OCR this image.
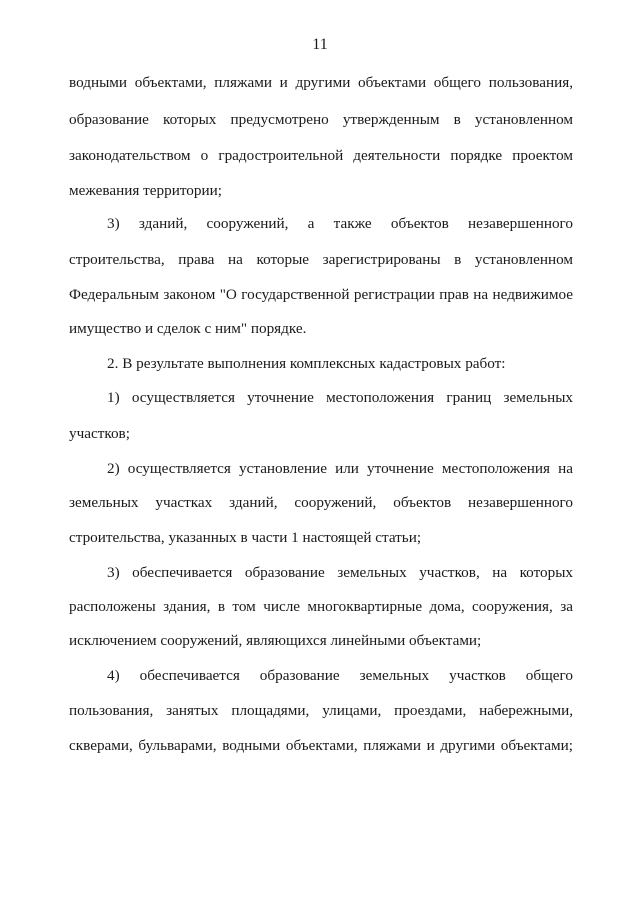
11
водными объектами, пляжами и другими объектами общего пользования,
образование которых предусмотрено утвержденным в установленном
законодательством о градостроительной деятельности порядке проектом
межевания территории;
3) зданий, сооружений, а также объектов незавершенного
строительства, права на которые зарегистрированы в установленном
Федеральным законом "О государственной регистрации прав на недвижимое
имущество и сделок с ним" порядке.
2. В результате выполнения комплексных кадастровых работ:
1) осуществляется уточнение местоположения границ земельных
участков;
2) осуществляется установление или уточнение местоположения на
земельных участках зданий, сооружений, объектов незавершенного
строительства, указанных в части 1 настоящей статьи;
3) обеспечивается образование земельных участков, на которых
расположены здания, в том числе многоквартирные дома, сооружения, за
исключением сооружений, являющихся линейными объектами;
4) обеспечивается образование земельных участков общего
пользования, занятых площадями, улицами, проездами, набережными,
скверами, бульварами, водными объектами, пляжами и другими объектами;
